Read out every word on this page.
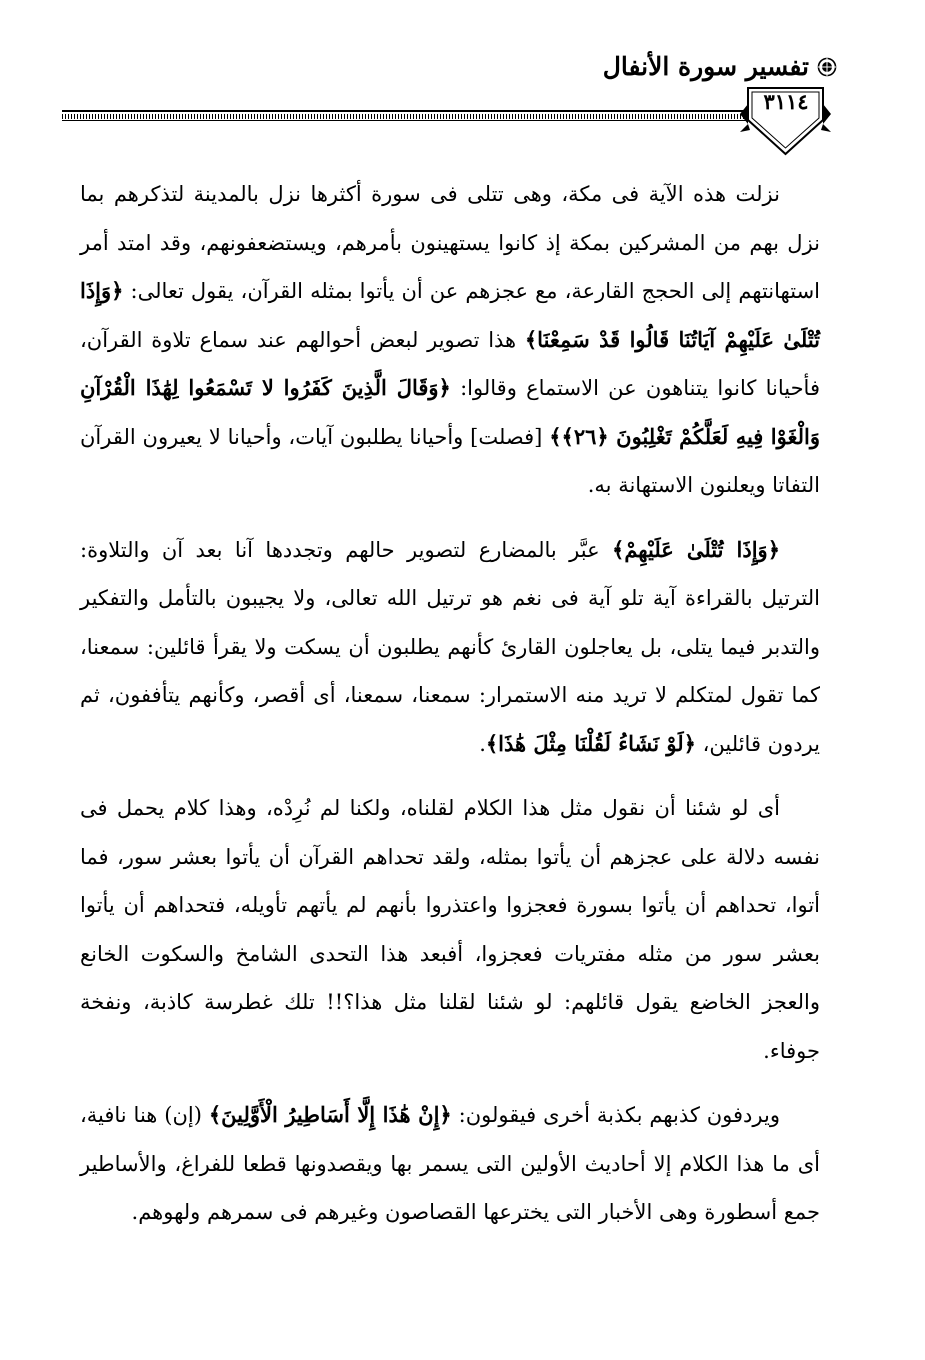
تفسير سورة الأنفال
٣١١٤

نزلت هذه الآية فى مكة، وهى تتلى فى سورة أكثرها نزل بالمدينة لتذكرهم بما نزل بهم من المشركين بمكة إذ كانوا يستهينون بأمرهم، ويستضعفونهم، وقد امتد أمر استهانتهم إلى الحجج القارعة، مع عجزهم عن أن يأتوا بمثله القرآن، يقول تعالى: ﴿وَإِذَا تُتْلَىٰ عَلَيْهِمْ آيَاتُنَا قَالُوا قَدْ سَمِعْنَا﴾ هذا تصوير لبعض أحوالهم عند سماع تلاوة القرآن، فأحيانا كانوا يتناهون عن الاستماع وقالوا: ﴿وَقَالَ الَّذِينَ كَفَرُوا لا تَسْمَعُوا لِهَٰذَا الْقُرْآنِ وَالْغَوْا فِيهِ لَعَلَّكُمْ تَغْلِبُونَ ﴿٢٦﴾﴾ [فصلت] وأحيانا يطلبون آيات، وأحيانا لا يعيرون القرآن التفاتا ويعلنون الاستهانة به.

﴿وَإِذَا تُتْلَىٰ عَلَيْهِمْ﴾ عبَّر بالمضارع لتصوير حالهم وتجددها آنا بعد آن والتلاوة: الترتيل بالقراءة آية تلو آية فى نغم هو ترتيل الله تعالى، ولا يجيبون بالتأمل والتفكير والتدبر فيما يتلى، بل يعاجلون القارئ كأنهم يطلبون أن يسكت ولا يقرأ قائلين: سمعنا، كما تقول لمتكلم لا تريد منه الاستمرار: سمعنا، سمعنا، أى أقصر، وكأنهم يتأففون، ثم يردون قائلين، ﴿لَوْ نَشَاءُ لَقُلْنَا مِثْلَ هَٰذَا﴾.

أى لو شئنا أن نقول مثل هذا الكلام لقلناه، ولكنا لم نُرِدْه، وهذا كلام يحمل فى نفسه دلالة على عجزهم أن يأتوا بمثله، ولقد تحداهم القرآن أن يأتوا بعشر سور، فما أتوا، تحداهم أن يأتوا بسورة فعجزوا واعتذروا بأنهم لم يأتهم تأويله، فتحداهم أن يأتوا بعشر سور من مثله مفتريات فعجزوا، أفبعد هذا التحدى الشامخ والسكوت الخانع والعجز الخاضع يقول قائلهم: لو شئنا لقلنا مثل هذا؟!! تلك غطرسة كاذبة، ونفخة جوفاء.

ويردفون كذبهم بكذبة أخرى فيقولون: ﴿إِنْ هَٰذَا إِلَّا أَسَاطِيرُ الْأَوَّلِينَ﴾ (إن) هنا نافية، أى ما هذا الكلام إلا أحاديث الأولين التى يسمر بها ويقصدونها قطعا للفراغ، والأساطير جمع أسطورة وهى الأخبار التى يخترعها القصاصون وغيرهم فى سمرهم ولهوهم.
